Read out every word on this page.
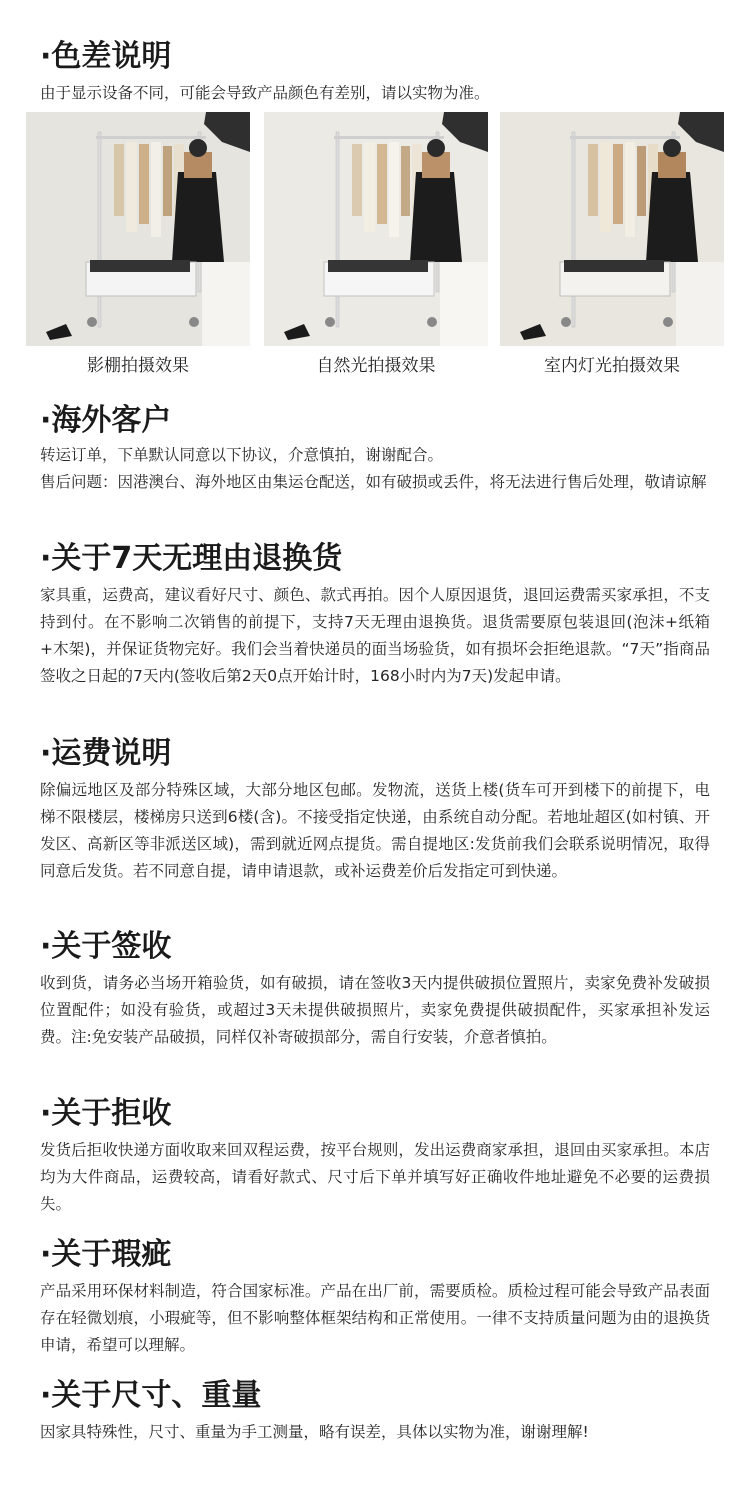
·色差说明

由于显示设备不同，可能会导致产品颜色有差别，请以实物为准。

影棚拍摄效果	自然光拍摄效果	室内灯光拍摄效果
·海外客户

转运订单，下单默认同意以下协议，介意慎拍，谢谢配合。

售后问题：因港澳台、海外地区由集运仓配送，如有破损或丢件，将无法进行售后处理，敬请谅解

·关于7天无理由退换货

家具重，运费高，建议看好尺寸、颜色、款式再拍。因个人原因退货，退回运费需买家承担，不支持到付。在不影响二次销售的前提下，支持7天无理由退换货。退货需要原包装退回(泡沫+纸箱+木架)，并保证货物完好。我们会当着快递员的面当场验货，如有损坏会拒绝退款。“7天”指商品签收之日起的7天内(签收后第2天0点开始计时，168小时内为7天)发起申请。

·运费说明

除偏远地区及部分特殊区域，大部分地区包邮。发物流，送货上楼(货车可开到楼下的前提下，电梯不限楼层，楼梯房只送到6楼(含)。不接受指定快递，由系统自动分配。若地址超区(如村镇、开发区、高新区等非派送区域)，需到就近网点提货。需自提地区:发货前我们会联系说明情况，取得同意后发货。若不同意自提，请申请退款，或补运费差价后发指定可到快递。

·关于签收

收到货，请务必当场开箱验货，如有破损，请在签收3天内提供破损位置照片，卖家免费补发破损位置配件；如没有验货，或超过3天未提供破损照片，卖家免费提供破损配件，买家承担补发运费。注:免安装产品破损，同样仅补寄破损部分，需自行安装，介意者慎拍。

·关于拒收

发货后拒收快递方面收取来回双程运费，按平台规则，发出运费商家承担，退回由买家承担。本店均为大件商品，运费较高，请看好款式、尺寸后下单并填写好正确收件地址避免不必要的运费损失。

·关于瑕疵

产品采用环保材料制造，符合国家标准。产品在出厂前，需要质检。质检过程可能会导致产品表面存在轻微划痕，小瑕疵等，但不影响整体框架结构和正常使用。一律不支持质量问题为由的退换货申请，希望可以理解。

·关于尺寸、重量

因家具特殊性，尺寸、重量为手工测量，略有误差，具体以实物为准，谢谢理解!
